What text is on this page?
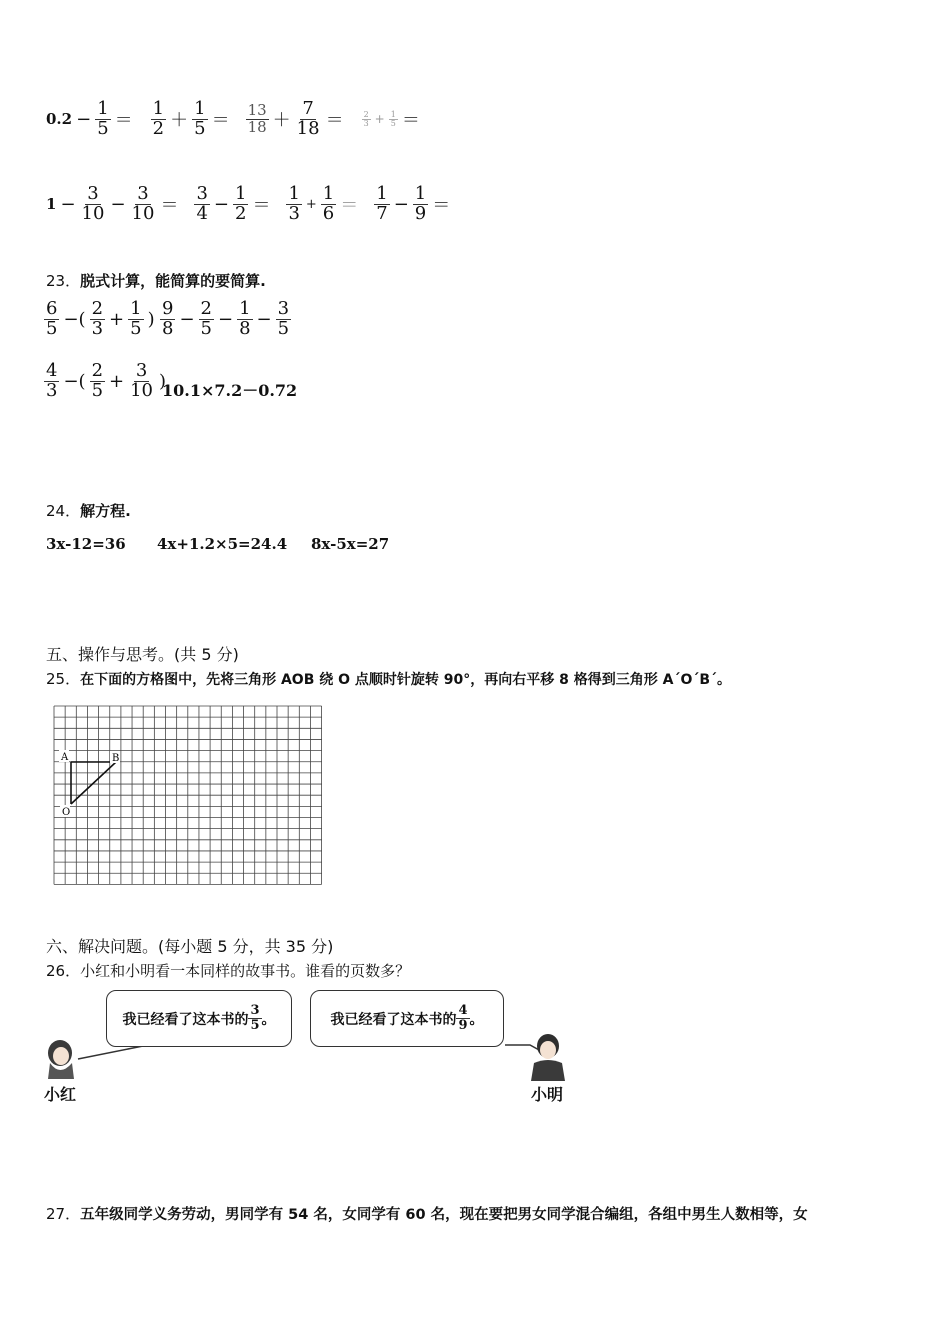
$0.2 - \frac{1}{5} = \frac{1}{2} + \frac{1}{5} = \frac{13}{18} + \frac{7}{18} = \frac{2}{3} + \frac{1}{5}$ ＝
$1 - \frac{3}{10} - \frac{3}{10} = \frac{3}{4} - \frac{1}{2} = \frac{1}{3} + \frac{1}{6} = \frac{1}{7} - \frac{1}{9}$ ＝
23．脱式计算，能简算的要简算.
$\frac{6}{5}$ −( $\frac{2}{3} + \frac{1}{5}$ ) $\frac{9}{8} - \frac{2}{5} - \frac{1}{8} - \frac{3}{5}$
$\frac{4}{3}$ −( $\frac{2}{5} + \frac{3}{10}$ )
10.1×7.2－0.72
24．解方程.
3x-12=36 4x+1.2×5=24.4 8x-5x=27
五、操作与思考。(共 5 分)
25．在下面的方格图中，先将三角形 AOB 绕 O 点顺时针旋转 90°，再向右平移 8 格得到三角形 A´O´B´。
A	B
O
六、解决问题。(每小题 5 分，共 35 分)
26．小红和小明看一本同样的故事书。谁看的页数多？
我已经看了这本书的 $\frac{3}{5}$ 。	我已经看了这本书的 $\frac{4}{9}$ 。
小红	小明
27．五年级同学义务劳动，男同学有 54 名，女同学有 60 名，现在要把男女同学混合编组，各组中男生人数相等，女
